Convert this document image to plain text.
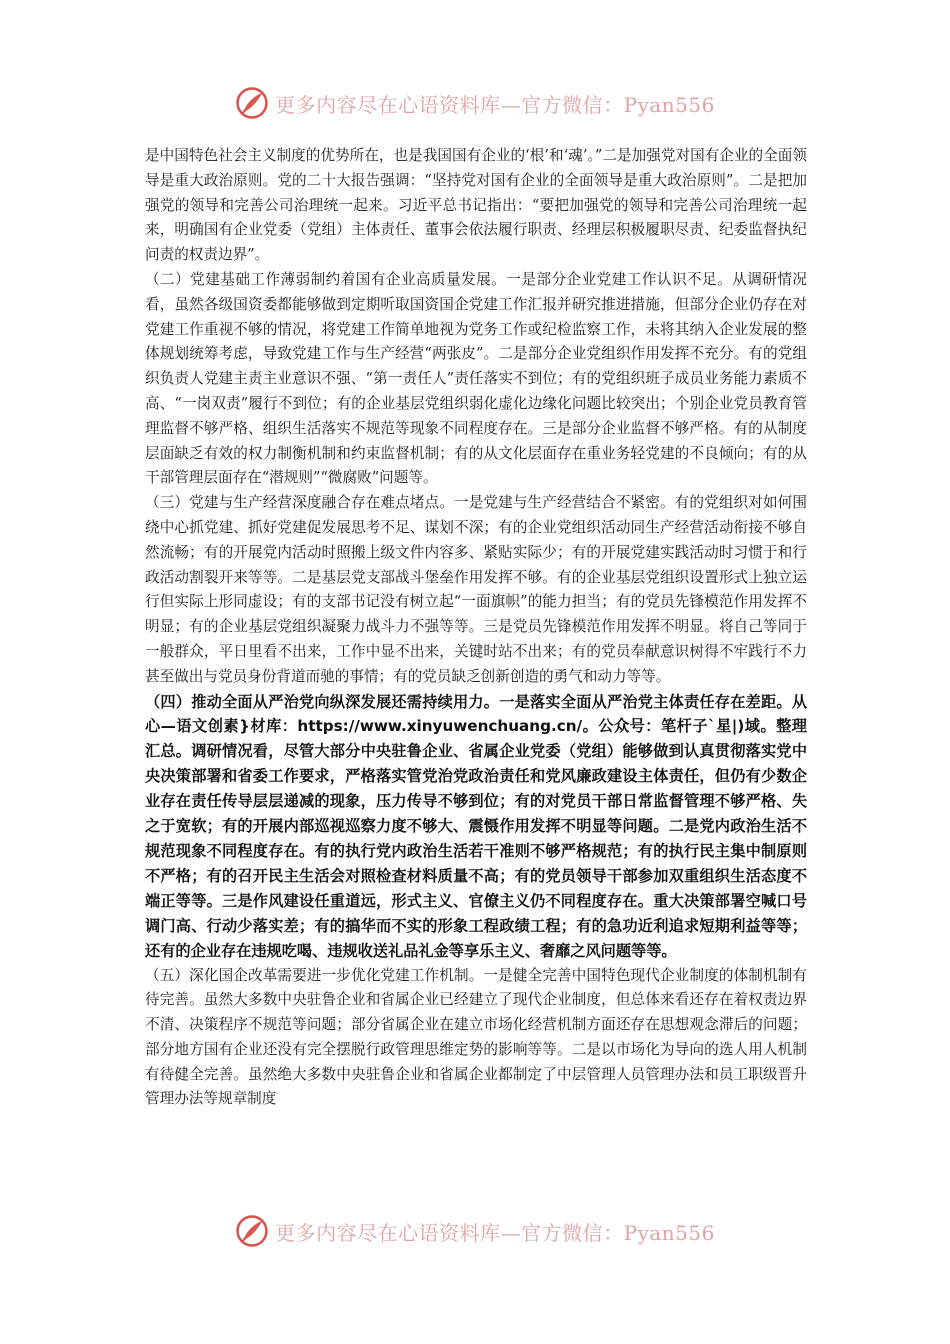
更多内容尽在心语资料库—官方微信：Pyan556

是中国特色社会主义制度的优势所在，也是我国国有企业的‘根’和‘魂’。”二是加强党对国有企业的全面领导是重大政治原则。党的二十大报告强调：“坚持党对国有企业的全面领导是重大政治原则”。二是把加强党的领导和完善公司治理统一起来。习近平总书记指出：“要把加强党的领导和完善公司治理统一起来，明确国有企业党委（党组）主体责任、董事会依法履行职责、经理层积极履职尽责、纪委监督执纪问责的权责边界”。

（二）党建基础工作薄弱制约着国有企业高质量发展。一是部分企业党建工作认识不足。从调研情况看，虽然各级国资委都能够做到定期听取国资国企党建工作汇报并研究推进措施，但部分企业仍存在对党建工作重视不够的情况，将党建工作简单地视为党务工作或纪检监察工作，未将其纳入企业发展的整体规划统筹考虑，导致党建工作与生产经营“两张皮”。二是部分企业党组织作用发挥不充分。有的党组织负责人党建主责主业意识不强、“第一责任人”责任落实不到位；有的党组织班子成员业务能力素质不高、“一岗双责”履行不到位；有的企业基层党组织弱化虚化边缘化问题比较突出；个别企业党员教育管理监督不够严格、组织生活落实不规范等现象不同程度存在。三是部分企业监督不够严格。有的从制度层面缺乏有效的权力制衡机制和约束监督机制；有的从文化层面存在重业务轻党建的不良倾向；有的从干部管理层面存在“潜规则”“微腐败”问题等。

（三）党建与生产经营深度融合存在难点堵点。一是党建与生产经营结合不紧密。有的党组织对如何围绕中心抓党建、抓好党建促发展思考不足、谋划不深；有的企业党组织活动同生产经营活动衔接不够自然流畅；有的开展党内活动时照搬上级文件内容多、紧贴实际少；有的开展党建实践活动时习惯于和行政活动割裂开来等等。二是基层党支部战斗堡垒作用发挥不够。有的企业基层党组织设置形式上独立运行但实际上形同虚设；有的支部书记没有树立起“一面旗帜”的能力担当；有的党员先锋模范作用发挥不明显；有的企业基层党组织凝聚力战斗力不强等等。三是党员先锋模范作用发挥不明显。将自己等同于一般群众，平日里看不出来，工作中显不出来，关键时站不出来；有的党员奉献意识树得不牢践行不力甚至做出与党员身份背道而驰的事情；有的党员缺乏创新创造的勇气和动力等等。

（四）推动全面从严治党向纵深发展还需持续用力。一是落实全面从严治党主体责任存在差距。从心—语文创素}材库：https://www.xinyuwenchuang.cn/。公众号：笔杆子`星|)域。整理汇总。调研情况看，尽管大部分中央驻鲁企业、省属企业党委（党组）能够做到认真贯彻落实党中央决策部署和省委工作要求，严格落实管党治党政治责任和党风廉政建设主体责任，但仍有少数企业存在责任传导层层递减的现象，压力传导不够到位；有的对党员干部日常监督管理不够严格、失之于宽软；有的开展内部巡视巡察力度不够大、震慑作用发挥不明显等问题。二是党内政治生活不规范现象不同程度存在。有的执行党内政治生活若干准则不够严格规范；有的执行民主集中制原则不严格；有的召开民主生活会对照检查材料质量不高；有的党员领导干部参加双重组织生活态度不端正等等。三是作风建设任重道远，形式主义、官僚主义仍不同程度存在。重大决策部署空喊口号调门高、行动少落实差；有的搞华而不实的形象工程政绩工程；有的急功近利追求短期利益等等；还有的企业存在违规吃喝、违规收送礼品礼金等享乐主义、奢靡之风问题等等。

（五）深化国企改革需要进一步优化党建工作机制。一是健全完善中国特色现代企业制度的体制机制有待完善。虽然大多数中央驻鲁企业和省属企业已经建立了现代企业制度，但总体来看还存在着权责边界不清、决策程序不规范等问题；部分省属企业在建立市场化经营机制方面还存在思想观念滞后的问题；部分地方国有企业还没有完全摆脱行政管理思维定势的影响等等。二是以市场化为导向的选人用人机制有待健全完善。虽然绝大多数中央驻鲁企业和省属企业都制定了中层管理人员管理办法和员工职级晋升管理办法等规章制度

更多内容尽在心语资料库—官方微信：Pyan556
